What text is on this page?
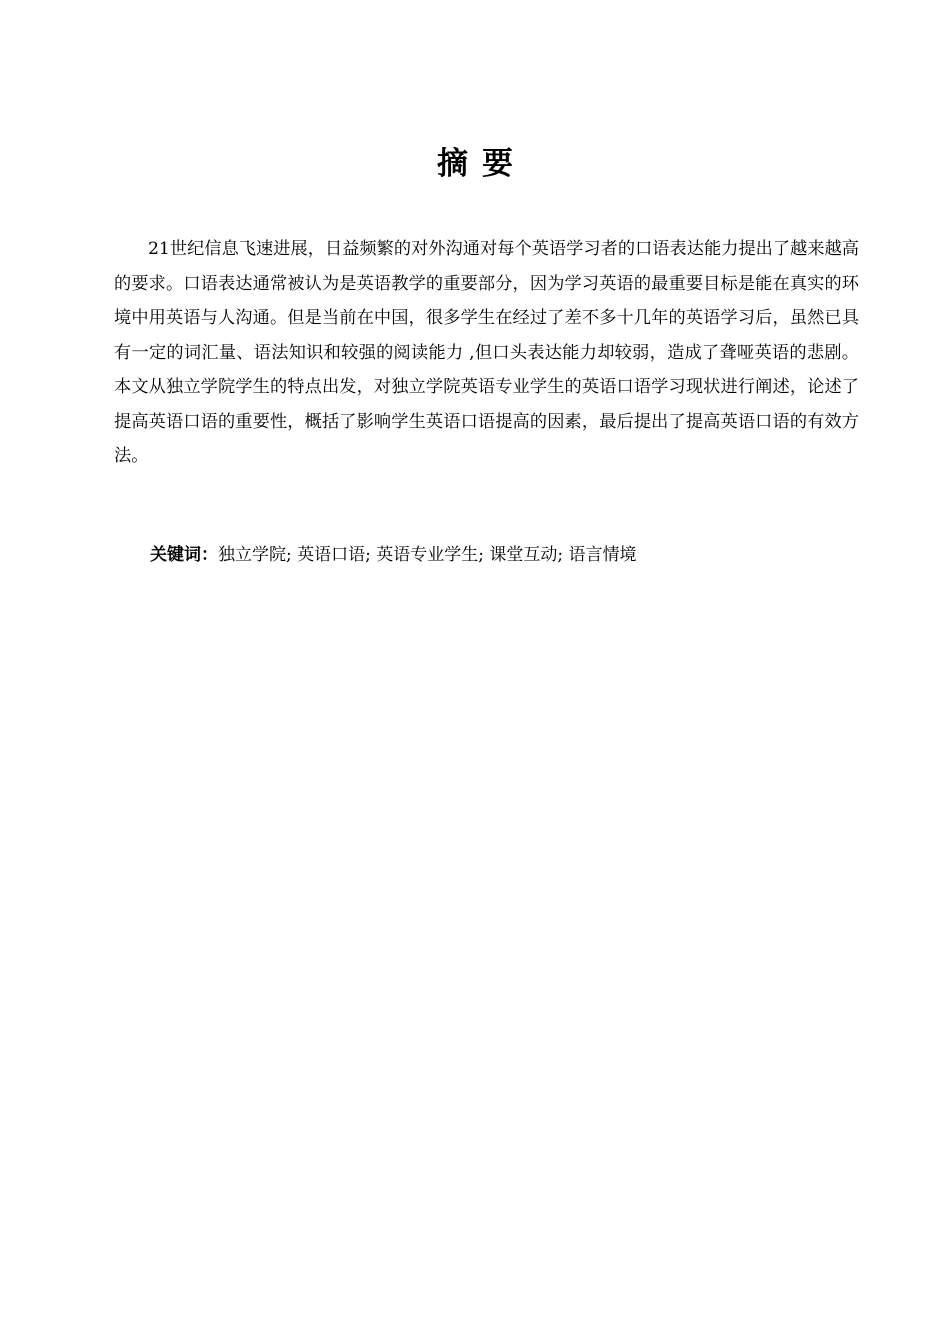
摘要

21世纪信息飞速进展，日益频繁的对外沟通对每个英语学习者的口语表达能力提出了越来越高的要求。口语表达通常被认为是英语教学的重要部分，因为学习英语的最重要目标是能在真实的环境中用英语与人沟通。但是当前在中国，很多学生在经过了差不多十几年的英语学习后，虽然已具有一定的词汇量、语法知识和较强的阅读能力 ,但口头表达能力却较弱，造成了聋哑英语的悲剧。本文从独立学院学生的特点出发，对独立学院英语专业学生的英语口语学习现状进行阐述，论述了提高英语口语的重要性，概括了影响学生英语口语提高的因素，最后提出了提高英语口语的有效方法。

关键词：独立学院; 英语口语; 英语专业学生; 课堂互动; 语言情境
